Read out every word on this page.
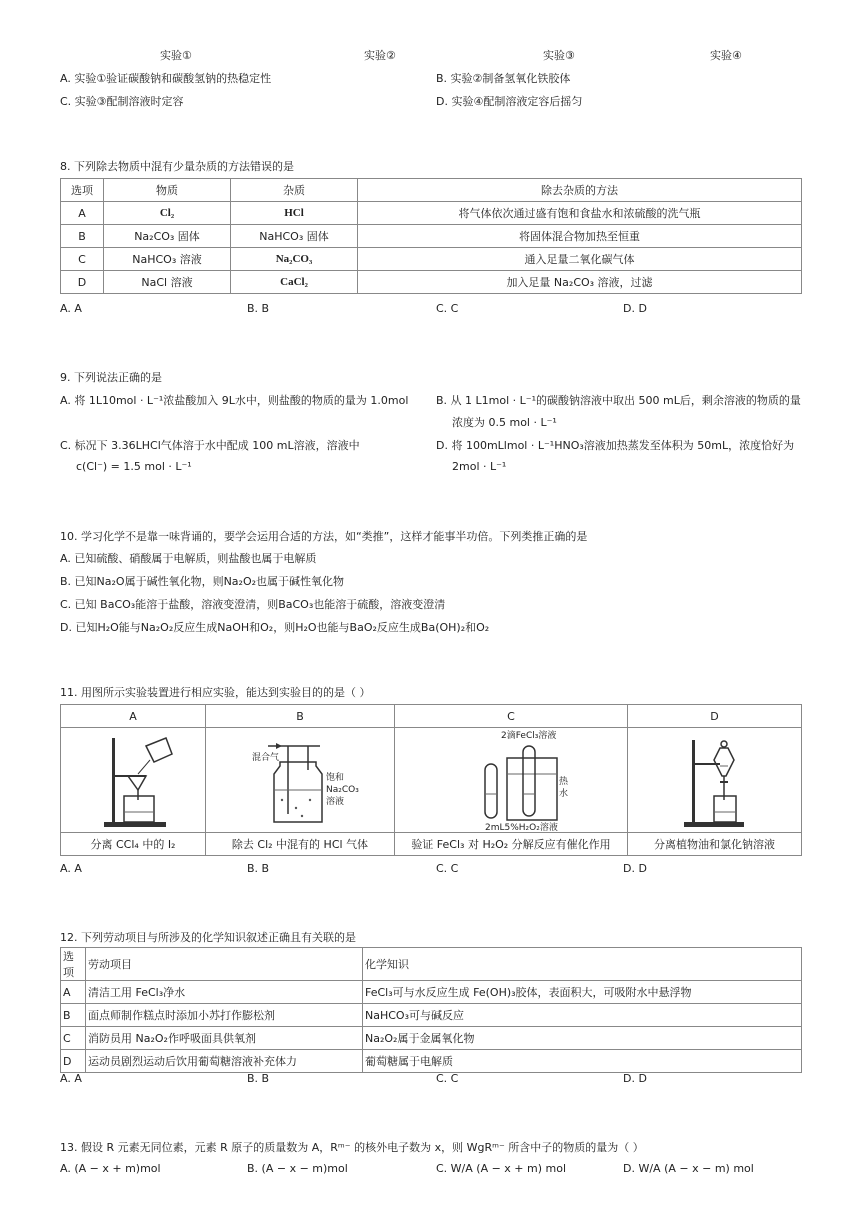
实验①	实验②	实验③	实验④
A. 实验①验证碳酸钠和碳酸氢钠的热稳定性	B. 实验②制备氢氧化铁胶体
C. 实验③配制溶液时定容	D. 实验④配制溶液定容后摇匀
8. 下列除去物质中混有少量杂质的方法错误的是
选项	物质	杂质	除去杂质的方法
A	Cl₂	HCl	将气体依次通过盛有饱和食盐水和浓硫酸的洗气瓶
B	Na₂CO₃ 固体	NaHCO₃ 固体	将固体混合物加热至恒重
C	NaHCO₃ 溶液	Na₂CO₃	通入足量二氧化碳气体
D	NaCl 溶液	CaCl₂	加入足量 Na₂CO₃ 溶液，过滤
A. A	B. B	C. C	D. D
9. 下列说法正确的是
A. 将 1L10mol · L⁻¹浓盐酸加入 9L水中，则盐酸的物质的量为 1.0mol	B. 从 1 L1mol · L⁻¹的碳酸钠溶液中取出 500 mL后，剩余溶液的物质的量
浓度为 0.5 mol · L⁻¹
C. 标况下 3.36LHCl气体溶于水中配成 100 mL溶液，溶液中
c(Cl⁻) = 1.5 mol · L⁻¹
D. 将 100mLlmol · L⁻¹HNO₃溶液加热蒸发至体积为 50mL，浓度恰好为
2mol · L⁻¹
10. 学习化学不是靠一味背诵的，要学会运用合适的方法，如“类推”，这样才能事半功倍。下列类推正确的是
A. 已知硫酸、硝酸属于电解质，则盐酸也属于电解质
B. 已知Na₂O属于碱性氧化物，则Na₂O₂也属于碱性氧化物
C. 已知 BaCO₃能溶于盐酸，溶液变澄清，则BaCO₃也能溶于硫酸，溶液变澄清
D. 已知H₂O能与Na₂O₂反应生成NaOH和O₂，则H₂O也能与BaO₂反应生成Ba(OH)₂和O₂
11. 用图所示实验装置进行相应实验，能达到实验目的的是（ ）
A	B	C	D

混合气
饱和
Na₂CO₃
溶液	2滴FeCl₃溶液
热
水
2mL5%H₂O₂溶液

分离 CCl₄ 中的 I₂	除去 Cl₂ 中混有的 HCl 气体	验证 FeCl₃ 对 H₂O₂ 分解反应有催化作用	分离植物油和氯化钠溶液
A. A	B. B	C. C	D. D
12. 下列劳动项目与所涉及的化学知识叙述正确且有关联的是
选项	劳动项目	化学知识
A	清洁工用 FeCl₃净水	FeCl₃可与水反应生成 Fe(OH)₃胶体，表面积大，可吸附水中悬浮物
B	面点师制作糕点时添加小苏打作膨松剂	NaHCO₃可与碱反应
C	消防员用 Na₂O₂作呼吸面具供氧剂	Na₂O₂属于金属氧化物
D	运动员剧烈运动后饮用葡萄糖溶液补充体力	葡萄糖属于电解质
A. A	B. B	C. C	D. D
13. 假设 R 元素无同位素，元素 R 原子的质量数为 A，Rᵐ⁻ 的核外电子数为 x，则 WgRᵐ⁻ 所含中子的物质的量为（ ）
A. (A − x + m)mol	B. (A − x − m)mol	C. W/A (A − x + m) mol	D. W/A (A − x − m) mol
